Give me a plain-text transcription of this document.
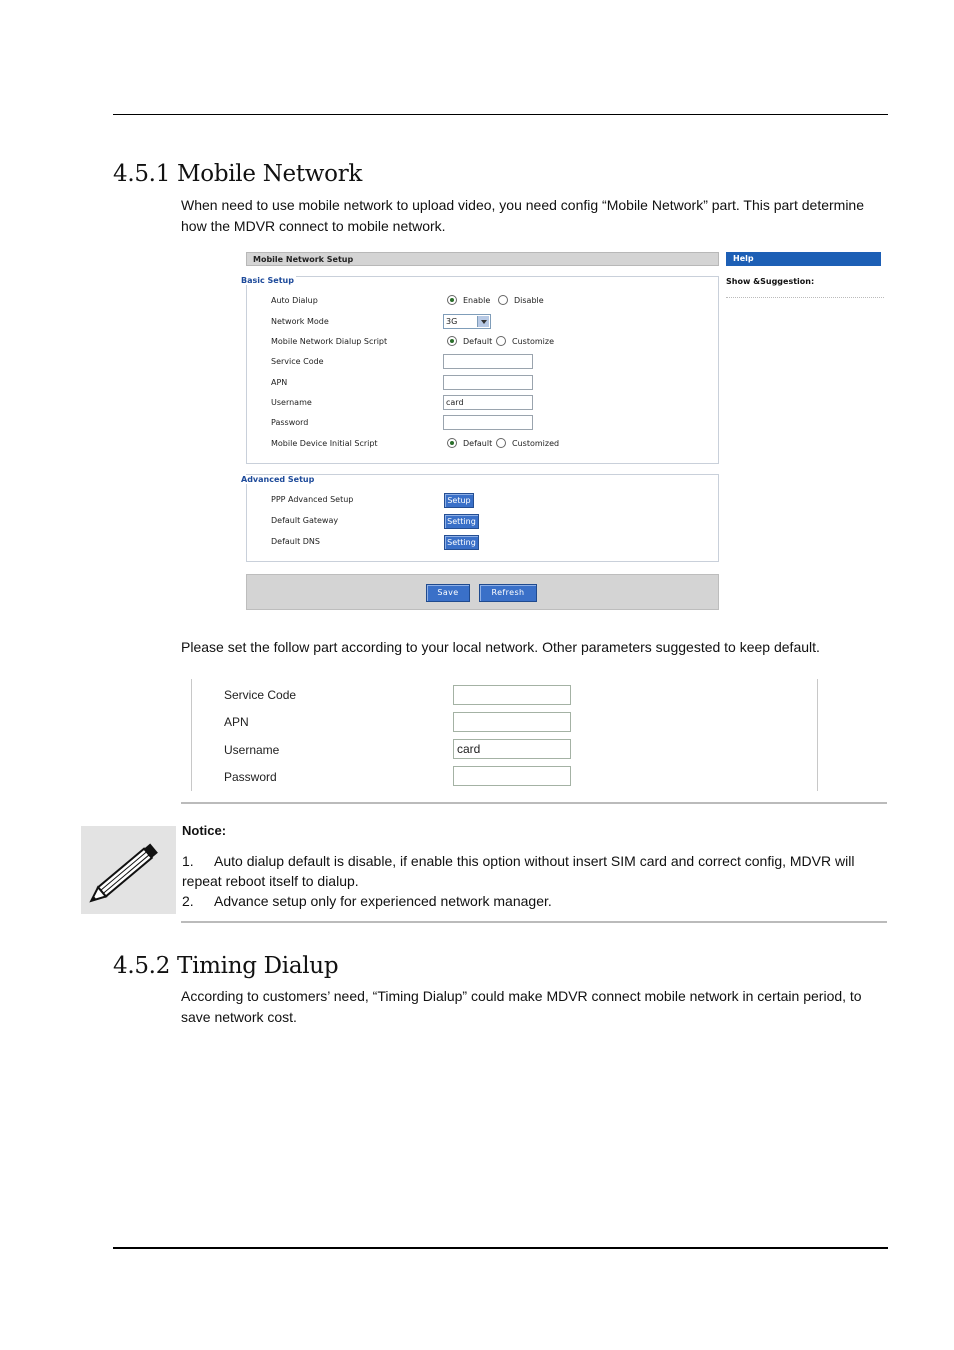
4.5.1 Mobile Network
When need to use mobile network to upload video, you need config “Mobile Network” part. This part determine how the MDVR connect to mobile network.
Mobile Network Setup	Help
Show &Suggestion:
Basic Setup
Auto Dialup	Enable	Disable
Network Mode	3G
Mobile Network Dialup Script	Default Customize
Service Code
APN
Username	card
Password
Mobile Device Initial Script	Default Customized
Advanced Setup
PPP Advanced Setup	Setup
Default Gateway	Setting
Default DNS	Setting
Save	Refresh
Please set the follow part according to your local network. Other parameters suggested to keep default.
Service Code
APN
Username	card
Password
Notice:
1. Auto dialup default is disable, if enable this option without insert SIM card and correct config, MDVR will repeat reboot itself to dialup.
2. Advance setup only for experienced network manager.
4.5.2 Timing Dialup
According to customers’ need, “Timing Dialup” could make MDVR connect mobile network in certain period, to save network cost.
